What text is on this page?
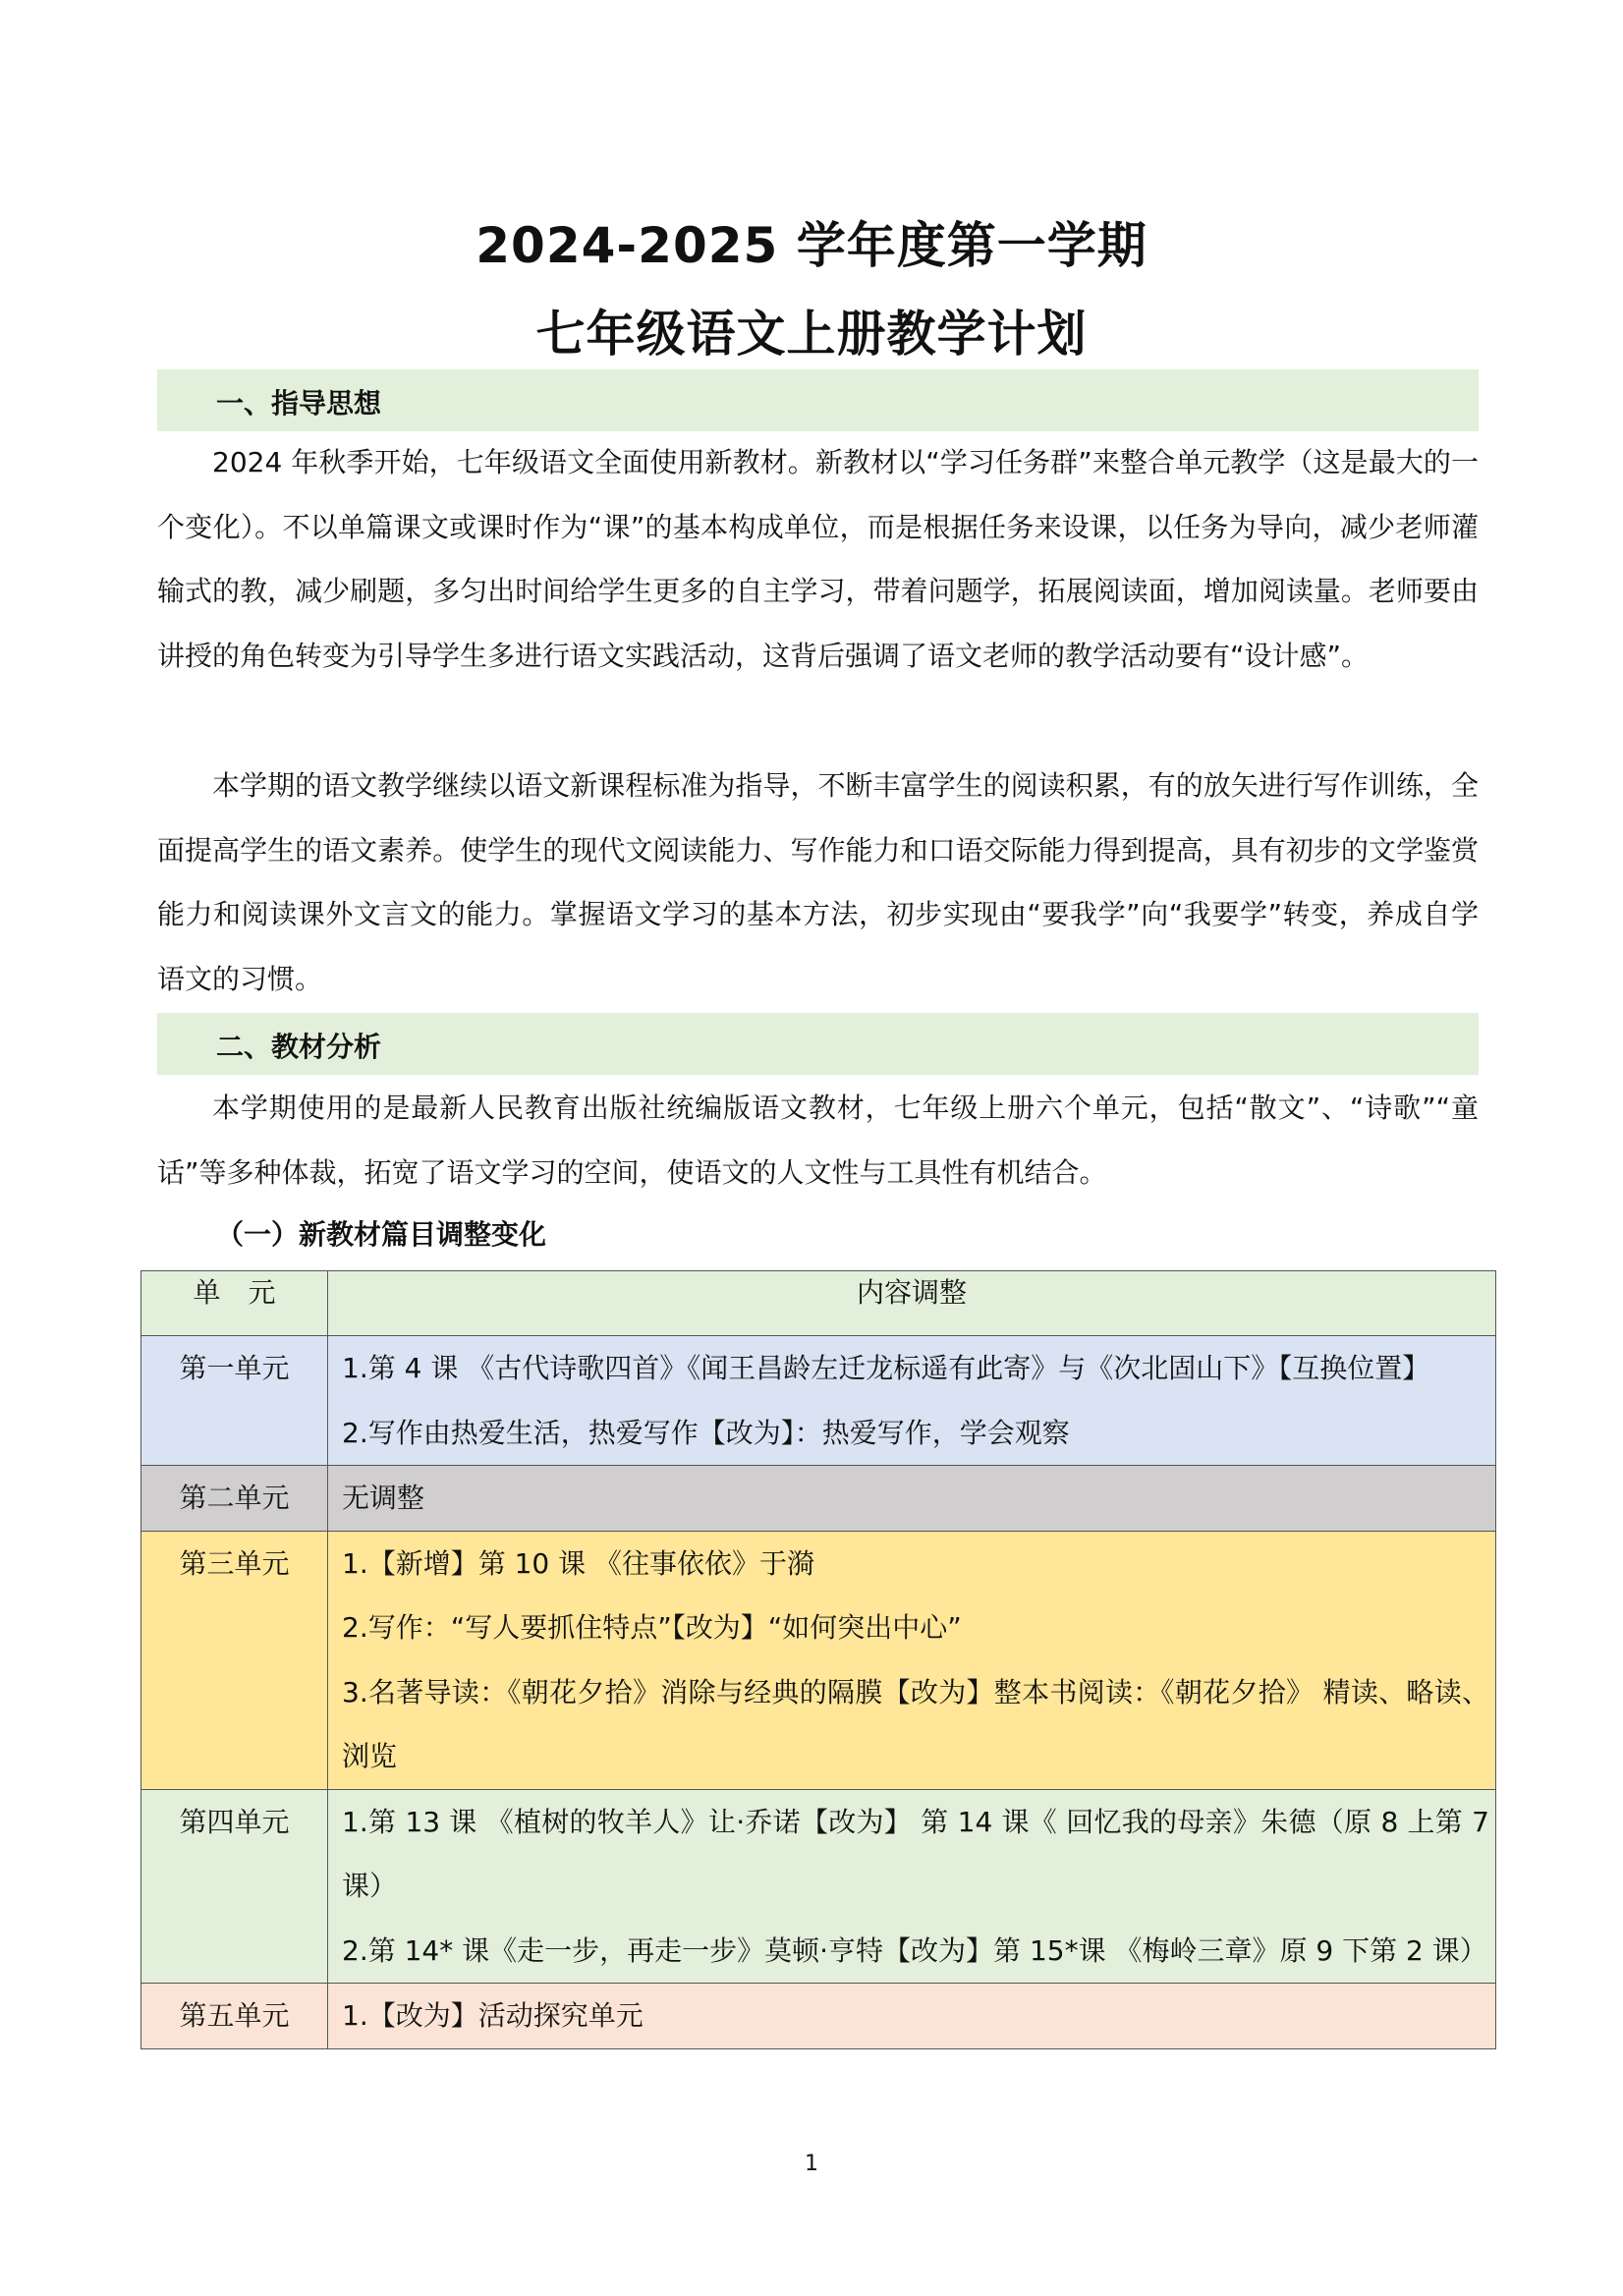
2024-2025 学年度第一学期
七年级语文上册教学计划
一、指导思想

2024 年秋季开始，七年级语文全面使用新教材。新教材以“学习任务群”来整合单元教学（这是最大的一个变化）。不以单篇课文或课时作为“课”的基本构成单位，而是根据任务来设课，以任务为导向，减少老师灌输式的教，减少刷题，多匀出时间给学生更多的自主学习，带着问题学，拓展阅读面，增加阅读量。老师要由讲授的角色转变为引导学生多进行语文实践活动，这背后强调了语文老师的教学活动要有“设计感”。

本学期的语文教学继续以语文新课程标准为指导，不断丰富学生的阅读积累，有的放矢进行写作训练，全面提高学生的语文素养。使学生的现代文阅读能力、写作能力和口语交际能力得到提高，具有初步的文学鉴赏能力和阅读课外文言文的能力。掌握语文学习的基本方法，初步实现由“要我学”向“我要学”转变，养成自学语文的习惯。

二、教材分析

本学期使用的是最新人民教育出版社统编版语文教材，七年级上册六个单元，包括“散文”、“诗歌”“童话”等多种体裁，拓宽了语文学习的空间，使语文的人文性与工具性有机结合。

（一）新教材篇目调整变化
单　元	内容调整
第一单元	1.第 4 课 《古代诗歌四首》《闻王昌龄左迁龙标遥有此寄》与《次北固山下》【互换位置】
2.写作由热爱生活，热爱写作【改为】：热爱写作，学会观察

第二单元	无调整

第三单元	1.【新增】第 10 课 《往事依依》于漪
2.写作：“写人要抓住特点”【改为】“如何突出中心”
3.名著导读：《朝花夕拾》消除与经典的隔膜【改为】整本书阅读：《朝花夕拾》 精读、略读、浏览

第四单元	1.第 13 课 《植树的牧羊人》让·乔诺【改为】 第 14 课《 回忆我的母亲》朱德（原 8 上第 7 课）
2.第 14* 课《走一步，再走一步》莫顿·亨特【改为】第 15*课 《梅岭三章》原 9 下第 2 课）

第五单元	1.【改为】活动探究单元
1
